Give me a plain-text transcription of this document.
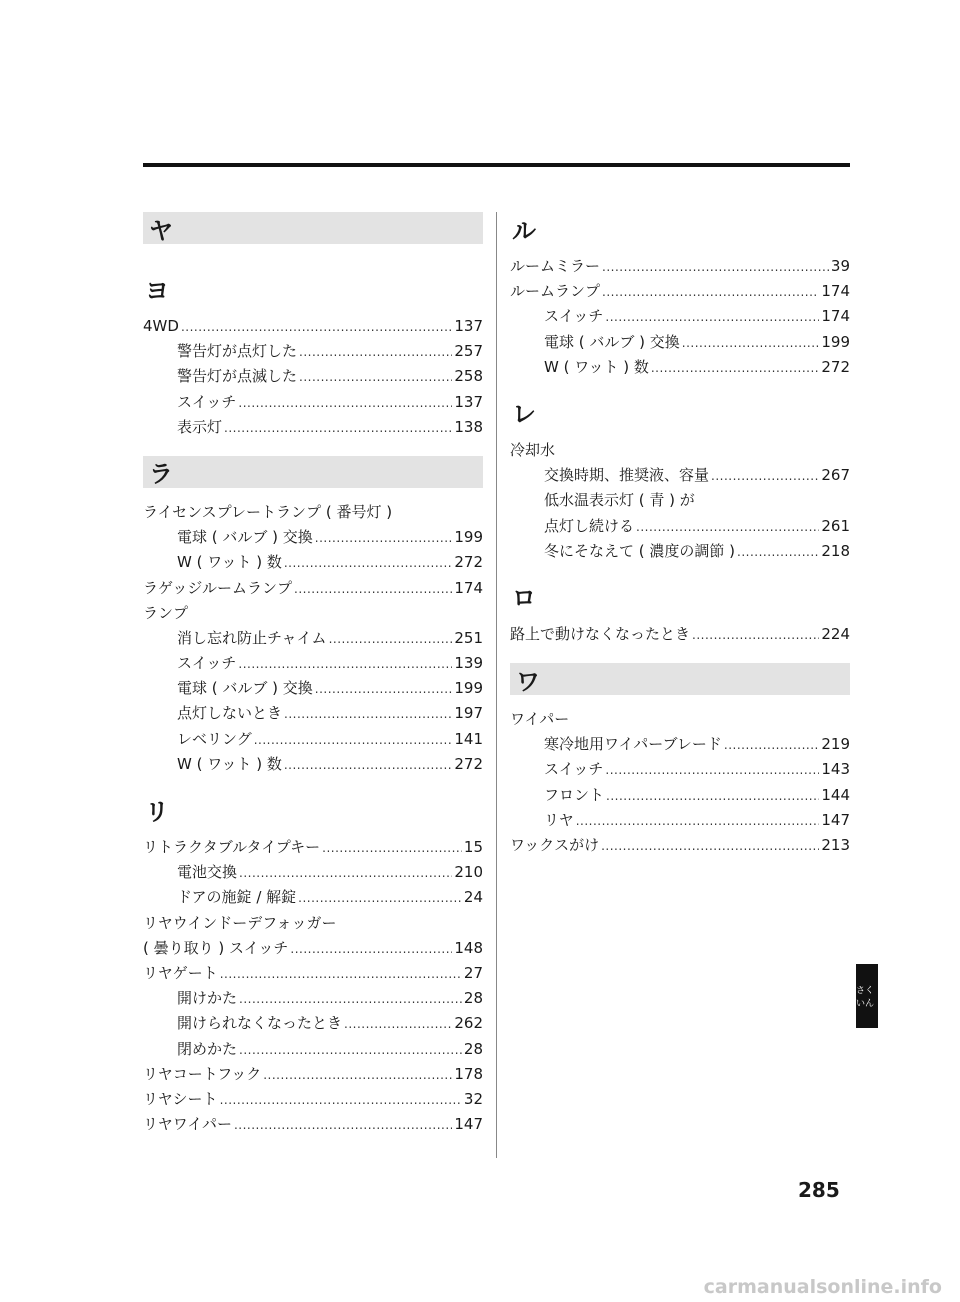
ヤ
ヨ
4WD .....	137
警告灯が点灯した .....	257
警告灯が点滅した .....	258
スイッチ .....	137
表示灯 .....	138
ラ
ライセンスプレートランプ ( 番号灯 )
電球 ( バルブ ) 交換 .....	199
W ( ワット ) 数 .....	272
ラゲッジルームランプ .....	174
ランプ
消し忘れ防止チャイム .....	251
スイッチ .....	139
電球 ( バルブ ) 交換 .....	199
点灯しないとき .....	197
レベリング .....	141
W ( ワット ) 数 .....	272
リ
リトラクタブルタイプキー .....	15
電池交換 .....	210
ドアの施錠 / 解錠 .....	24
リヤウインドーデフォッガー
( 曇り取り ) スイッチ .....	148
リヤゲート .....	27
開けかた .....	28
開けられなくなったとき .....	262
閉めかた .....	28
リヤコートフック .....	178
リヤシート .....	32
リヤワイパー .....	147
ル
ルームミラー .....	39
ルームランプ .....	174
スイッチ .....	174
電球 ( バルブ ) 交換 .....	199
W ( ワット ) 数 .....	272
レ
冷却水
交換時期、推奨液、容量 .....	267
低水温表示灯 ( 青 ) が
点灯し続ける .....	261
冬にそなえて ( 濃度の調節 ) .....	218
ロ
路上で動けなくなったとき .....	224
ワ
ワイパー
寒冷地用ワイパーブレード .....	219
スイッチ .....	143
フロント .....	144
リヤ .....	147
ワックスがけ .....	213
さくいん
285
carmanualsonline.info
